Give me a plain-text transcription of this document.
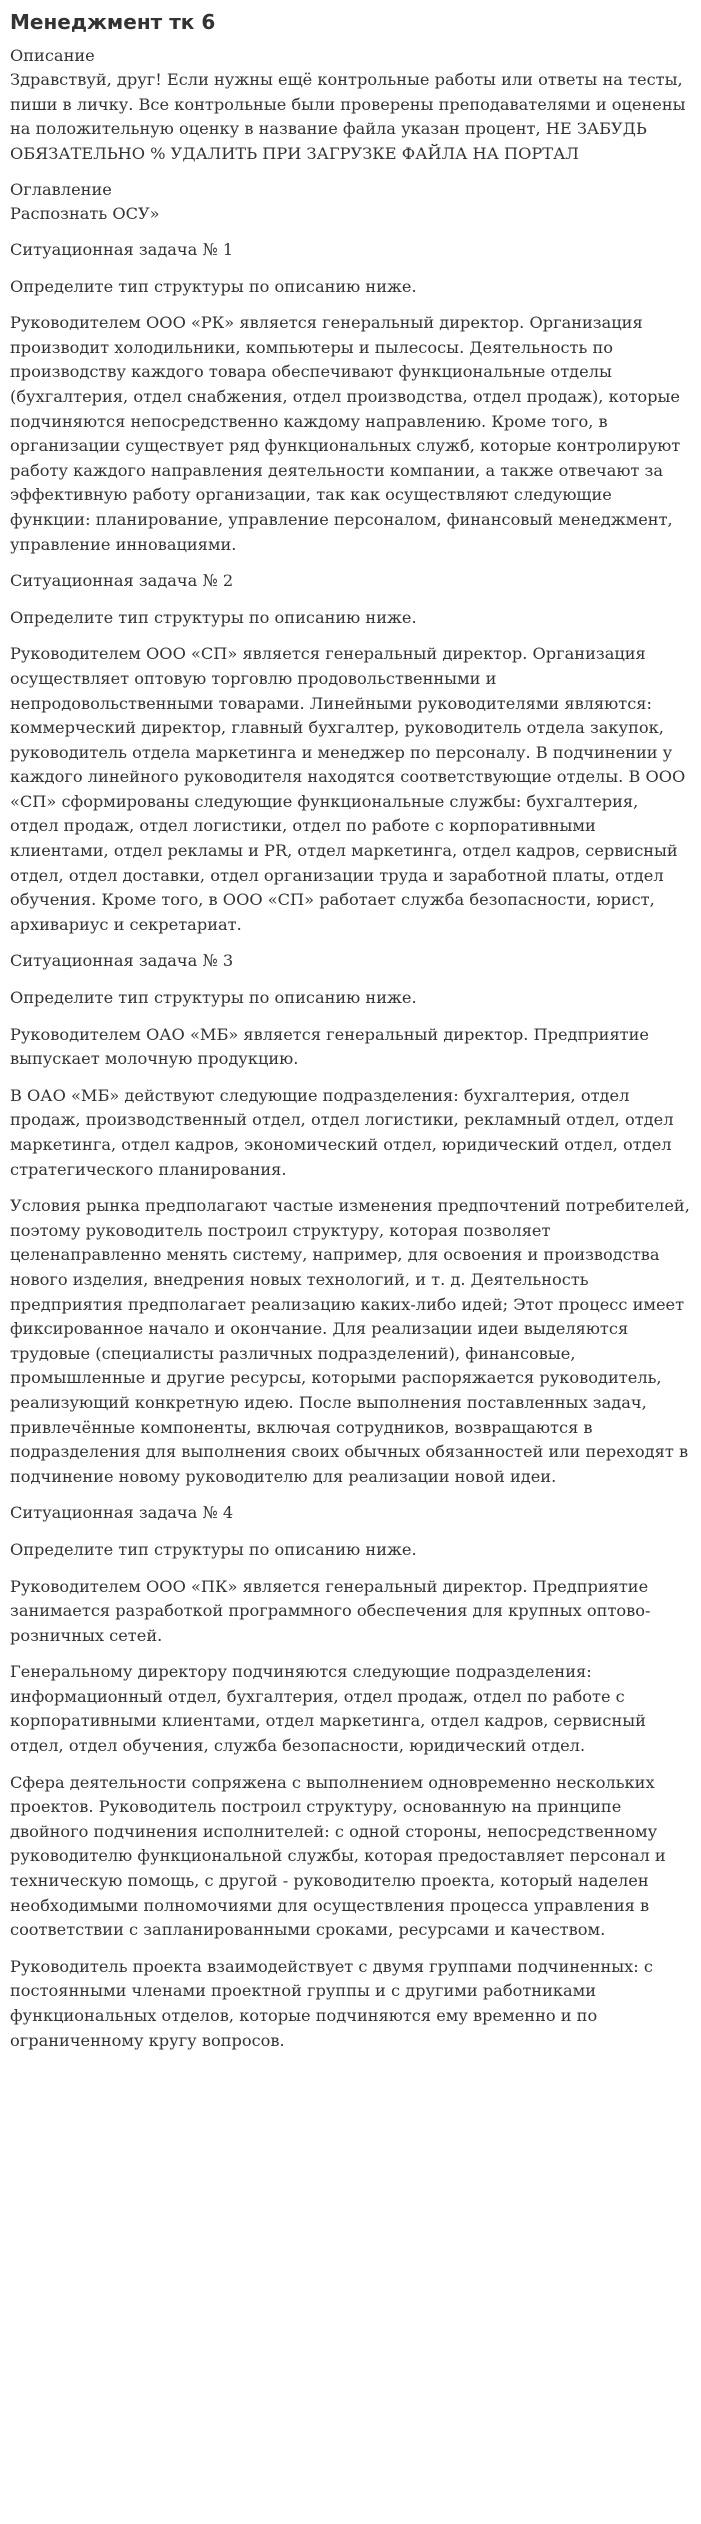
Менеджмент тк 6
Описание
Здравствуй, друг! Если нужны ещё контрольные работы или ответы на тесты, пиши в личку. Все контрольные были проверены преподавателями и оценены на положительную оценку в название файла указан процент, НЕ ЗАБУДЬ ОБЯЗАТЕЛЬНО % УДАЛИТЬ ПРИ ЗАГРУЗКЕ ФАЙЛА НА ПОРТАЛ
Оглавление
Распознать ОСУ»

Ситуационная задача № 1

Определите тип структуры по описанию ниже.

Руководителем ООО «РК» является генеральный директор. Организация производит холодильники, компьютеры и пылесосы. Деятельность по производству каждого товара обеспечивают функциональные отделы (бухгалтерия, отдел снабжения, отдел производства, отдел продаж), которые подчиняются непосредственно каждому направлению. Кроме того, в организации существует ряд функциональных служб, которые контролируют работу каждого направления деятельности компании, а также отвечают за эффективную работу организации, так как осуществляют следующие функции: планирование, управление персоналом, финансовый менеджмент, управление инновациями.

Ситуационная задача № 2

Определите тип структуры по описанию ниже.

Руководителем ООО «СП» является генеральный директор. Организация осуществляет оптовую торговлю продовольственными и непродовольственными товарами. Линейными руководителями являются: коммерческий директор, главный бухгалтер, руководитель отдела закупок, руководитель отдела маркетинга и менеджер по персоналу. В подчинении у каждого линейного руководителя находятся соответствующие отделы. В ООО «СП» сформированы следующие функциональные службы: бухгалтерия, отдел продаж, отдел логистики, отдел по работе с корпоративными клиентами, отдел рекламы и PR, отдел маркетинга, отдел кадров, сервисный отдел, отдел доставки, отдел организации труда и заработной платы, отдел обучения. Кроме того, в ООО «СП» работает служба безопасности, юрист, архивариус и секретариат.

Ситуационная задача № 3

Определите тип структуры по описанию ниже.

Руководителем ОАО «МБ» является генеральный директор. Предприятие выпускает молочную продукцию.

В ОАО «МБ» действуют следующие подразделения: бухгалтерия, отдел продаж, производственный отдел, отдел логистики, рекламный отдел, отдел маркетинга, отдел кадров, экономический отдел, юридический отдел, отдел стратегического планирования.

Условия рынка предполагают частые изменения предпочтений потребителей, поэтому руководитель построил структуру, которая позволяет целенаправленно менять систему, например, для освоения и производства нового изделия, внедрения новых технологий, и т. д. Деятельность предприятия предполагает реализацию каких-либо идей; Этот процесс имеет фиксированное начало и окончание. Для реализации идеи выделяются трудовые (специалисты различных подразделений), финансовые, промышленные и другие ресурсы, которыми распоряжается руководитель, реализующий конкретную идею. После выполнения поставленных задач, привлечённые компоненты, включая сотрудников, возвращаются в подразделения для выполнения своих обычных обязанностей или переходят в подчинение новому руководителю для реализации новой идеи.

Ситуационная задача № 4

Определите тип структуры по описанию ниже.

Руководителем ООО «ПК» является генеральный директор. Предприятие занимается разработкой программного обеспечения для крупных оптово-розничных сетей.

Генеральному директору подчиняются следующие подразделения: информационный отдел, бухгалтерия, отдел продаж, отдел по работе с корпоративными клиентами, отдел маркетинга, отдел кадров, сервисный отдел, отдел обучения, служба безопасности, юридический отдел.

Сфера деятельности сопряжена с выполнением одновременно нескольких проектов. Руководитель построил структуру, основанную на принципе двойного подчинения исполнителей: с одной стороны, непосредственному руководителю функциональной службы, которая предоставляет персонал и техническую помощь, с другой - руководителю проекта, который наделен необходимыми полномочиями для осуществления процесса управления в соответствии с запланированными сроками, ресурсами и качеством.

Руководитель проекта взаимодействует с двумя группами подчиненных: с постоянными членами проектной группы и с другими работниками функциональных отделов, которые подчиняются ему временно и по ограниченному кругу вопросов.
